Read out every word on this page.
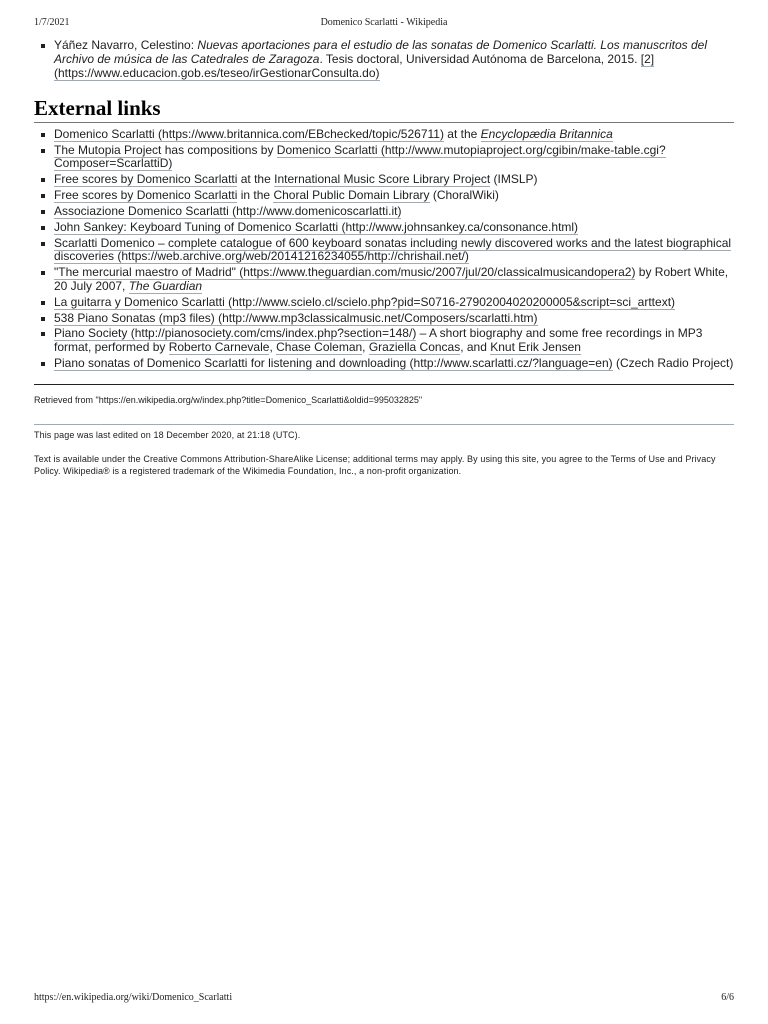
1/7/2021	Domenico Scarlatti - Wikipedia
Yáñez Navarro, Celestino: Nuevas aportaciones para el estudio de las sonatas de Domenico Scarlatti. Los manuscritos del Archivo de música de las Catedrales de Zaragoza. Tesis doctoral, Universidad Autónoma de Barcelona, 2015. [2] (https://www.educacion.gob.es/teseo/irGestionarConsulta.do)
External links
Domenico Scarlatti (https://www.britannica.com/EBchecked/topic/526711) at the Encyclopædia Britannica
The Mutopia Project has compositions by Domenico Scarlatti (http://www.mutopiaproject.org/cgibin/make-table.cgi?Composer=ScarlattiD)
Free scores by Domenico Scarlatti at the International Music Score Library Project (IMSLP)
Free scores by Domenico Scarlatti in the Choral Public Domain Library (ChoralWiki)
Associazione Domenico Scarlatti (http://www.domenicoscarlatti.it)
John Sankey: Keyboard Tuning of Domenico Scarlatti (http://www.johnsankey.ca/consonance.html)
Scarlatti Domenico – complete catalogue of 600 keyboard sonatas including newly discovered works and the latest biographical discoveries (https://web.archive.org/web/20141216234055/http://chrishail.net/)
"The mercurial maestro of Madrid" (https://www.theguardian.com/music/2007/jul/20/classicalmusicandopera2) by Robert White, 20 July 2007, The Guardian
La guitarra y Domenico Scarlatti (http://www.scielo.cl/scielo.php?pid=S0716-27902004020200005&script=sci_arttext)
538 Piano Sonatas (mp3 files) (http://www.mp3classicalmusic.net/Composers/scarlatti.htm)
Piano Society (http://pianosociety.com/cms/index.php?section=148/) – A short biography and some free recordings in MP3 format, performed by Roberto Carnevale, Chase Coleman, Graziella Concas, and Knut Erik Jensen
Piano sonatas of Domenico Scarlatti for listening and downloading (http://www.scarlatti.cz/?language=en) (Czech Radio Project)
Retrieved from "https://en.wikipedia.org/w/index.php?title=Domenico_Scarlatti&oldid=995032825"
This page was last edited on 18 December 2020, at 21:18 (UTC).
Text is available under the Creative Commons Attribution-ShareAlike License; additional terms may apply. By using this site, you agree to the Terms of Use and Privacy Policy. Wikipedia® is a registered trademark of the Wikimedia Foundation, Inc., a non-profit organization.
https://en.wikipedia.org/wiki/Domenico_Scarlatti	6/6
